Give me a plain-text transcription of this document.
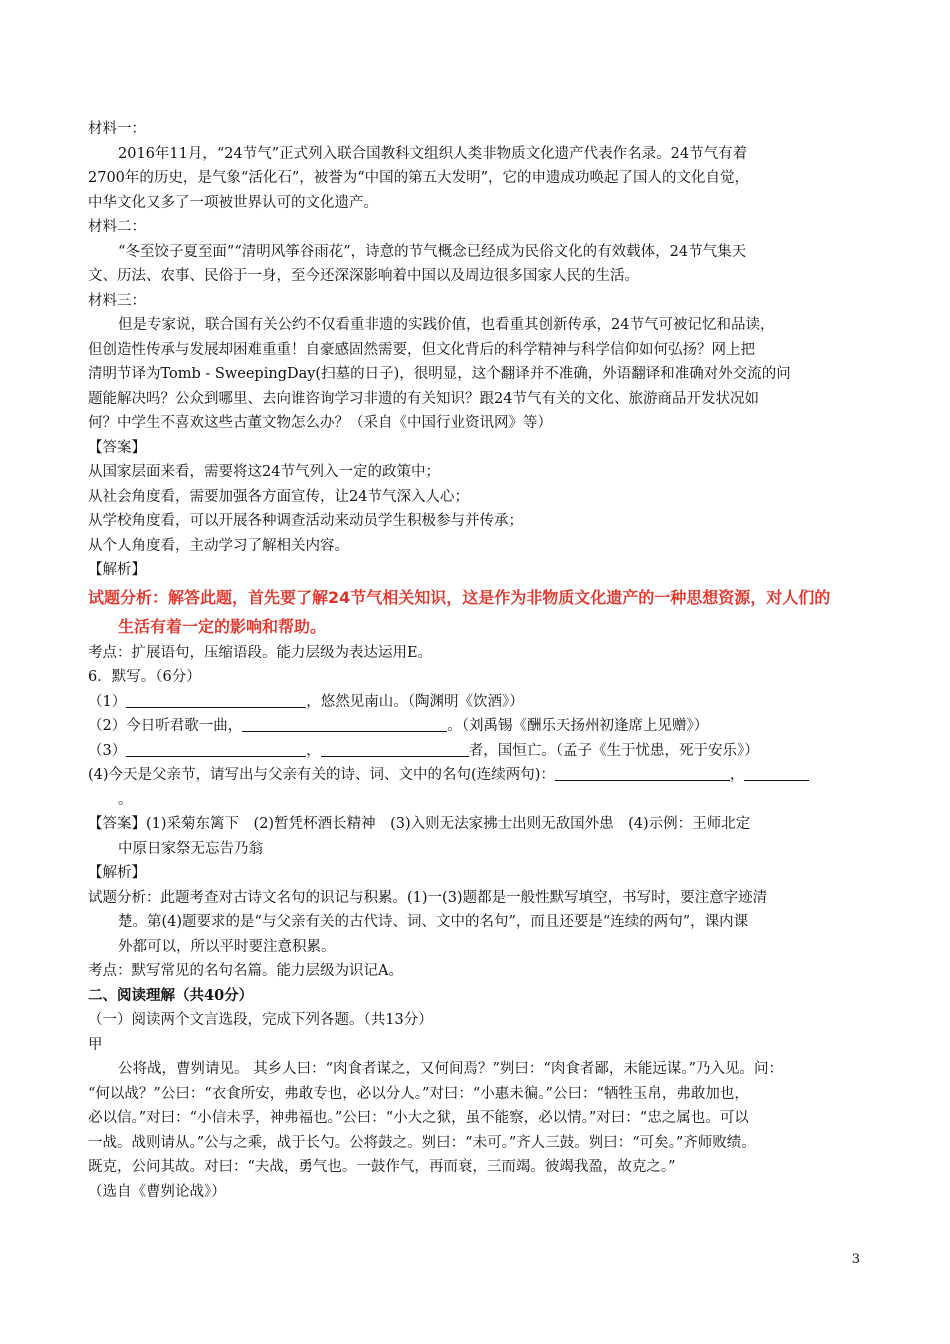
材料一：
2016年11月，“24节气”正式列入联合国教科文组织人类非物质文化遗产代表作名录。24节气有着
2700年的历史，是气象“活化石”，被誉为“中国的第五大发明”，它的申遗成功唤起了国人的文化自觉，
中华文化又多了一项被世界认可的文化遗产。
材料二：
“冬至饺子夏至面”“清明风筝谷雨花”，诗意的节气概念已经成为民俗文化的有效载体，24节气集天
文、历法、农事、民俗于一身，至今还深深影响着中国以及周边很多国家人民的生活。
材料三：
但是专家说，联合国有关公约不仅看重非遗的实践价值，也看重其创新传承，24节气可被记忆和品读，
但创造性传承与发展却困难重重！自豪感固然需要，但文化背后的科学精神与科学信仰如何弘扬？网上把
清明节译为Tomb - SweepingDay(扫墓的日子)，很明显，这个翻译并不准确，外语翻译和准确对外交流的问
题能解决吗？公众到哪里、去向谁咨询学习非遗的有关知识？跟24节气有关的文化、旅游商品开发状况如
何？中学生不喜欢这些古董文物怎么办？（采自《中国行业资讯网》等）
【答案】
从国家层面来看，需要将这24节气列入一定的政策中；
从社会角度看，需要加强各方面宣传，让24节气深入人心；
从学校角度看，可以开展各种调查活动来动员学生积极参与并传承；
从个人角度看，主动学习了解相关内容。
【解析】
试题分析：解答此题，首先要了解24节气相关知识，这是作为非物质文化遗产的一种思想资源，对人们的
生活有着一定的影响和帮助。
考点：扩展语句，压缩语段。能力层级为表达运用E。
6．默写。（6分）
（1）	，悠然见南山。（陶渊明《饮酒》）
（2）今日听君歌一曲，	。（刘禹锡《酬乐天扬州初逢席上见赠》）
（3）	，	者，国恒亡。（孟子《生于忧患，死于安乐》）
(4)今天是父亲节，请写出与父亲有关的诗、词、文中的名句(连续两句)：	，
。
【答案】(1)采菊东篱下　(2)暂凭杯酒长精神　(3)入则无法家拂士出则无敌国外患　(4)示例：王师北定
中原日家祭无忘告乃翁
【解析】
试题分析：此题考查对古诗文名句的识记与积累。(1)一(3)题都是一般性默写填空，书写时，要注意字迹清
楚。第(4)题要求的是“与父亲有关的古代诗、词、文中的名句”，而且还要是“连续的两句”，课内课
外都可以，所以平时要注意积累。
考点：默写常见的名句名篇。能力层级为识记A。
二、阅读理解（共40分）
（一）阅读两个文言选段，完成下列各题。（共13分）
甲
公将战，曹刿请见。 其乡人曰：“肉食者谋之，又何间焉？”刿曰：“肉食者鄙，未能远谋。”乃入见。问：
“何以战？”公曰：“衣食所安，弗敢专也，必以分人。”对曰：“小惠未徧。”公曰：“牺牲玉帛，弗敢加也，
必以信。”对曰：“小信未孚，神弗福也。”公曰：“小大之狱，虽不能察，必以情。”对曰：“忠之属也。可以
一战。战则请从。”公与之乘，战于长勺。公将鼓之。刿曰：“未可。”齐人三鼓。刿曰：“可矣。”齐师败绩。
既克，公问其故。对曰：“夫战，勇气也。一鼓作气，再而衰，三而竭。彼竭我盈，故克之。”
（选自《曹刿论战》）
3
